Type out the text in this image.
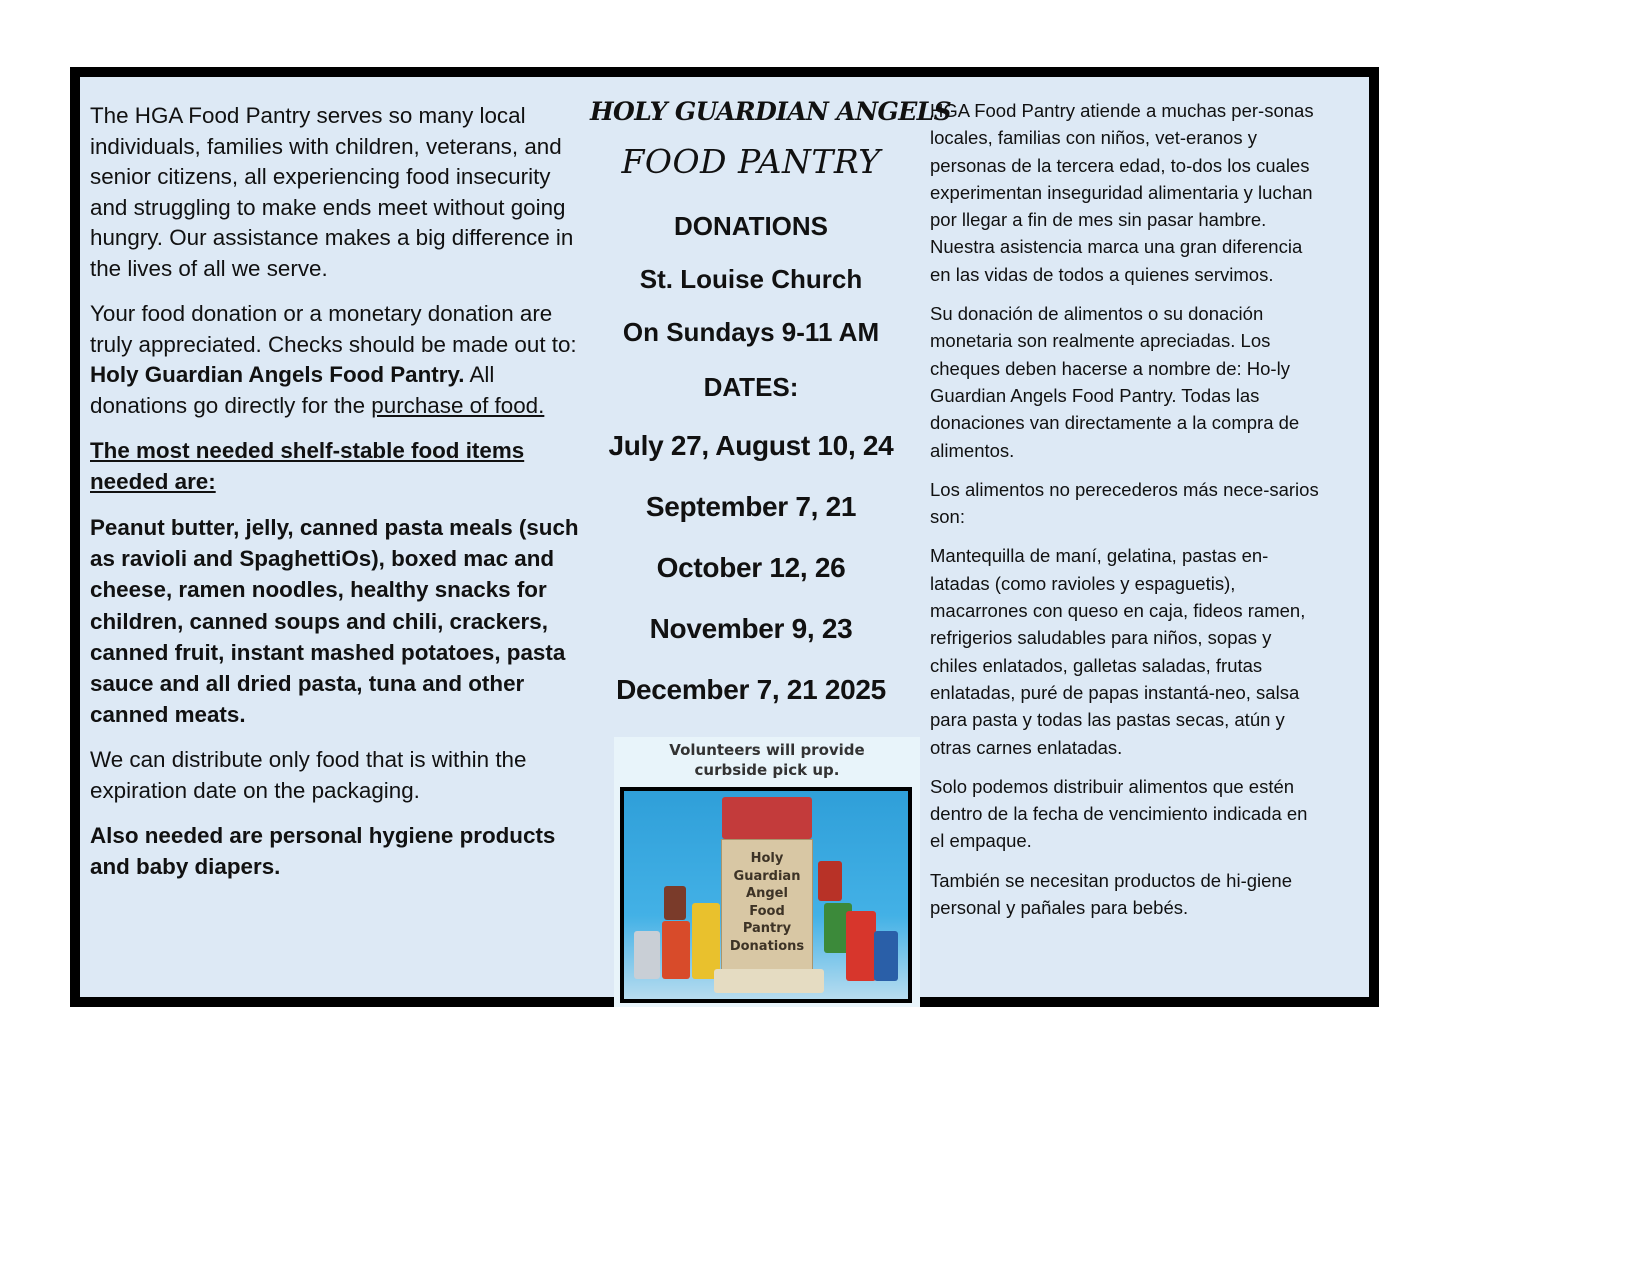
The HGA Food Pantry serves so many local individuals, families with children, veterans, and senior citizens, all experiencing food insecurity and struggling to make ends meet without going hungry. Our assistance makes a big difference in the lives of all we serve.

Your food donation or a monetary donation are truly appreciated. Checks should be made out to: Holy Guardian Angels Food Pantry. All donations go directly for the purchase of food.

The most needed shelf-stable food items needed are:

Peanut butter, jelly, canned pasta meals (such as ravioli and SpaghettiOs), boxed mac and cheese, ramen noodles, healthy snacks for children, canned soups and chili, crackers, canned fruit, instant mashed potatoes, pasta sauce and all dried pasta, tuna and other canned meats.

We can distribute only food that is within the expiration date on the packaging.

Also needed are personal hygiene products and baby diapers.

HOLY GUARDIAN ANGELS
FOOD PANTRY
DONATIONS
St. Louise Church
On Sundays 9-11 AM
DATES:
July 27, August 10, 24
September 7, 21
October 12, 26
November 9, 23
December 7, 21 2025
Volunteers will provide
curbside pick up.
Holy
Guardian
Angel
Food
Pantry
Donations

HGA Food Pantry atiende a muchas per-sonas locales, familias con niños, vet-eranos y personas de la tercera edad, to-dos los cuales experimentan inseguridad alimentaria y luchan por llegar a fin de mes sin pasar hambre. Nuestra asistencia marca una gran diferencia en las vidas de todos a quienes servimos.

Su donación de alimentos o su donación monetaria son realmente apreciadas. Los cheques deben hacerse a nombre de: Ho-ly Guardian Angels Food Pantry. Todas las donaciones van directamente a la compra de alimentos.

Los alimentos no perecederos más nece-sarios son:

Mantequilla de maní, gelatina, pastas en-latadas (como ravioles y espaguetis), macarrones con queso en caja, fideos ramen, refrigerios saludables para niños, sopas y chiles enlatados, galletas saladas, frutas enlatadas, puré de papas instantá-neo, salsa para pasta y todas las pastas secas, atún y otras carnes enlatadas.

Solo podemos distribuir alimentos que estén dentro de la fecha de vencimiento indicada en el empaque.

También se necesitan productos de hi-giene personal y pañales para bebés.
